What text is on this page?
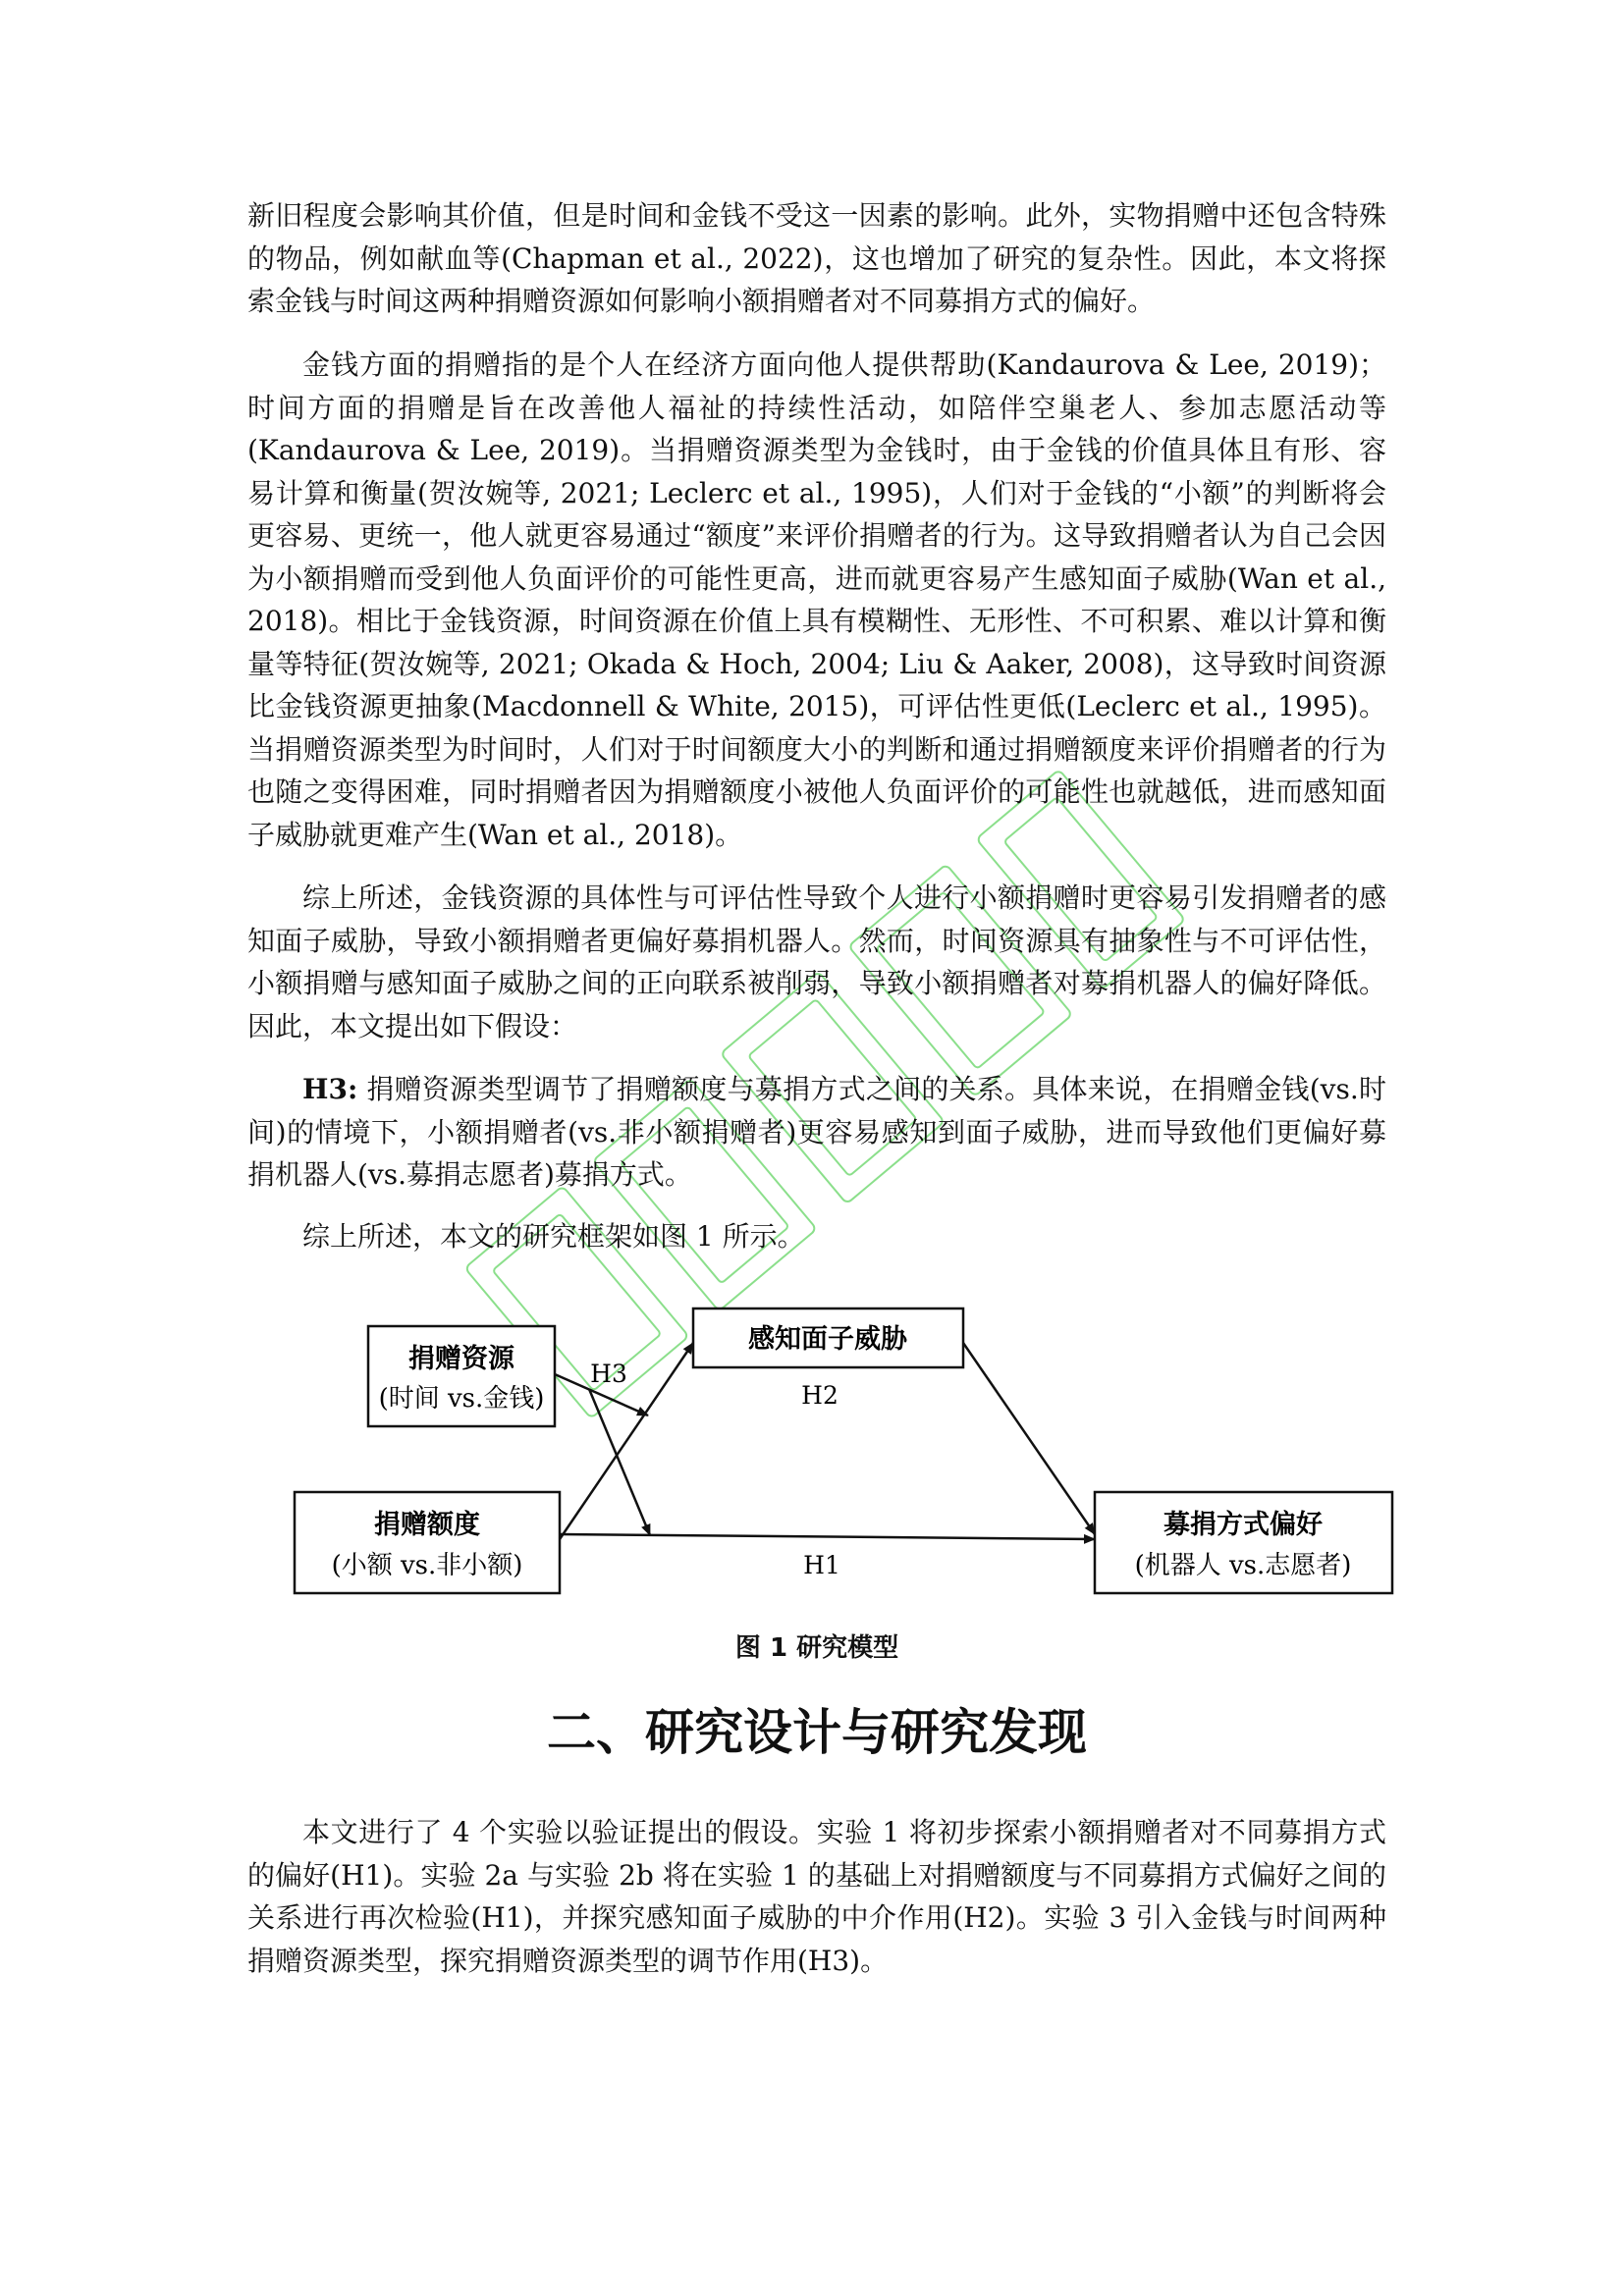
新旧程度会影响其价值，但是时间和金钱不受这一因素的影响。此外，实物捐赠中还包含特殊的物品，例如献血等(Chapman et al., 2022)，这也增加了研究的复杂性。因此，本文将探索金钱与时间这两种捐赠资源如何影响小额捐赠者对不同募捐方式的偏好。

金钱方面的捐赠指的是个人在经济方面向他人提供帮助(Kandaurova & Lee, 2019)；时间方面的捐赠是旨在改善他人福祉的持续性活动，如陪伴空巢老人、参加志愿活动等(Kandaurova & Lee, 2019)。当捐赠资源类型为金钱时，由于金钱的价值具体且有形、容易计算和衡量(贺汝婉等, 2021; Leclerc et al., 1995)，人们对于金钱的“小额”的判断将会更容易、更统一，他人就更容易通过“额度”来评价捐赠者的行为。这导致捐赠者认为自己会因为小额捐赠而受到他人负面评价的可能性更高，进而就更容易产生感知面子威胁(Wan et al., 2018)。相比于金钱资源，时间资源在价值上具有模糊性、无形性、不可积累、难以计算和衡量等特征(贺汝婉等, 2021; Okada & Hoch, 2004; Liu & Aaker, 2008)，这导致时间资源比金钱资源更抽象(Macdonnell & White, 2015)，可评估性更低(Leclerc et al., 1995)。当捐赠资源类型为时间时，人们对于时间额度大小的判断和通过捐赠额度来评价捐赠者的行为也随之变得困难，同时捐赠者因为捐赠额度小被他人负面评价的可能性也就越低，进而感知面子威胁就更难产生(Wan et al., 2018)。

综上所述，金钱资源的具体性与可评估性导致个人进行小额捐赠时更容易引发捐赠者的感知面子威胁，导致小额捐赠者更偏好募捐机器人。然而，时间资源具有抽象性与不可评估性，小额捐赠与感知面子威胁之间的正向联系被削弱，导致小额捐赠者对募捐机器人的偏好降低。因此，本文提出如下假设：

H3: 捐赠资源类型调节了捐赠额度与募捐方式之间的关系。具体来说，在捐赠金钱(vs.时间)的情境下，小额捐赠者(vs.非小额捐赠者)更容易感知到面子威胁，进而导致他们更偏好募捐机器人(vs.募捐志愿者)募捐方式。

综上所述，本文的研究框架如图 1 所示。

捐赠资源
(时间 vs.金钱)
捐赠额度
(小额 vs.非小额)
感知面子威胁
募捐方式偏好
(机器人 vs.志愿者)
H3
H2
H1

图 1 研究模型

二、研究设计与研究发现

本文进行了 4 个实验以验证提出的假设。实验 1 将初步探索小额捐赠者对不同募捐方式的偏好(H1)。实验 2a 与实验 2b 将在实验 1 的基础上对捐赠额度与不同募捐方式偏好之间的关系进行再次检验(H1)，并探究感知面子威胁的中介作用(H2)。实验 3 引入金钱与时间两种捐赠资源类型，探究捐赠资源类型的调节作用(H3)。
